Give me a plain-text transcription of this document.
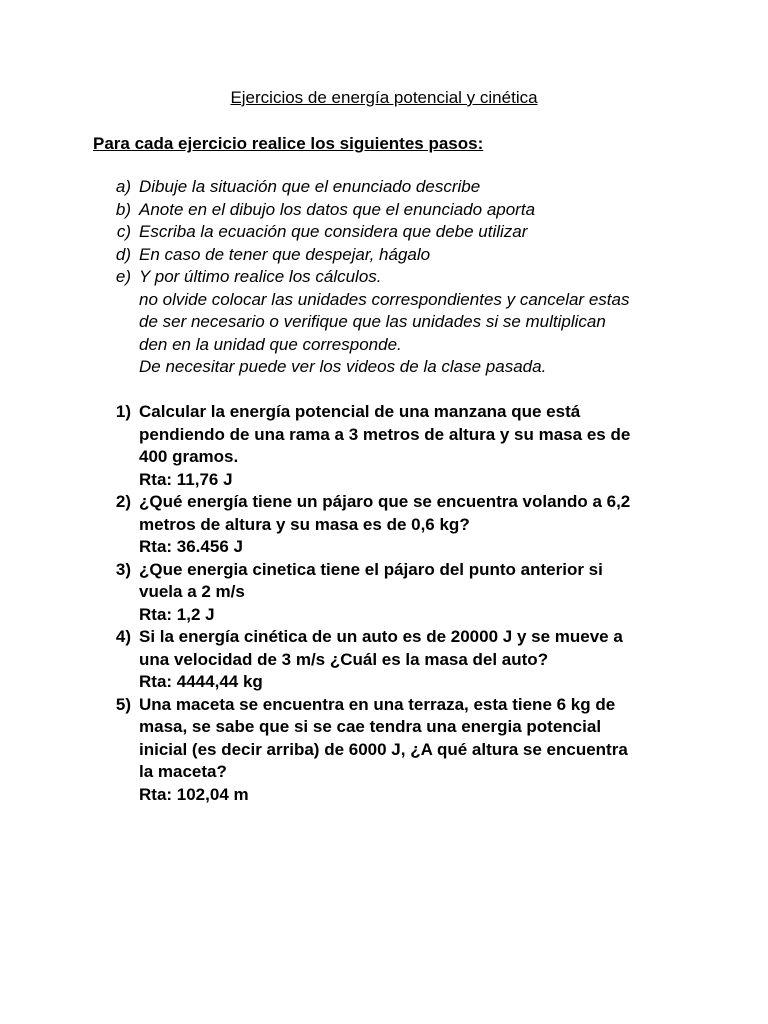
Ejercicios de energía potencial y cinética
Para cada ejercicio realice los siguientes pasos:
a) Dibuje la situación que el enunciado describe
b) Anote en el dibujo los datos que el enunciado aporta
c) Escriba la ecuación que considera que debe utilizar
d) En caso de tener que despejar, hágalo
e) Y por último realice los cálculos.
no olvide colocar las unidades correspondientes y cancelar estas
de ser necesario o verifique que las unidades si se multiplican
den en la unidad que corresponde.
De necesitar puede ver los videos de la clase pasada.
1) Calcular la energía potencial de una manzana que está
pendiendo de una rama a 3 metros de altura y su masa es de
400 gramos.
Rta: 11,76 J
2) ¿Qué energía tiene un pájaro que se encuentra volando a 6,2
metros de altura y su masa es de 0,6 kg?
Rta: 36.456 J
3) ¿Que energia cinetica tiene el pájaro del punto anterior si
vuela a 2 m/s
Rta: 1,2 J
4) Si la energía cinética de un auto es de 20000 J y se mueve a
una velocidad de 3 m/s ¿Cuál es la masa del auto?
Rta: 4444,44 kg
5) Una maceta se encuentra en una terraza, esta tiene 6 kg de
masa, se sabe que si se cae tendra una energia potencial
inicial (es decir arriba) de 6000 J, ¿A qué altura se encuentra
la maceta?
Rta: 102,04 m
